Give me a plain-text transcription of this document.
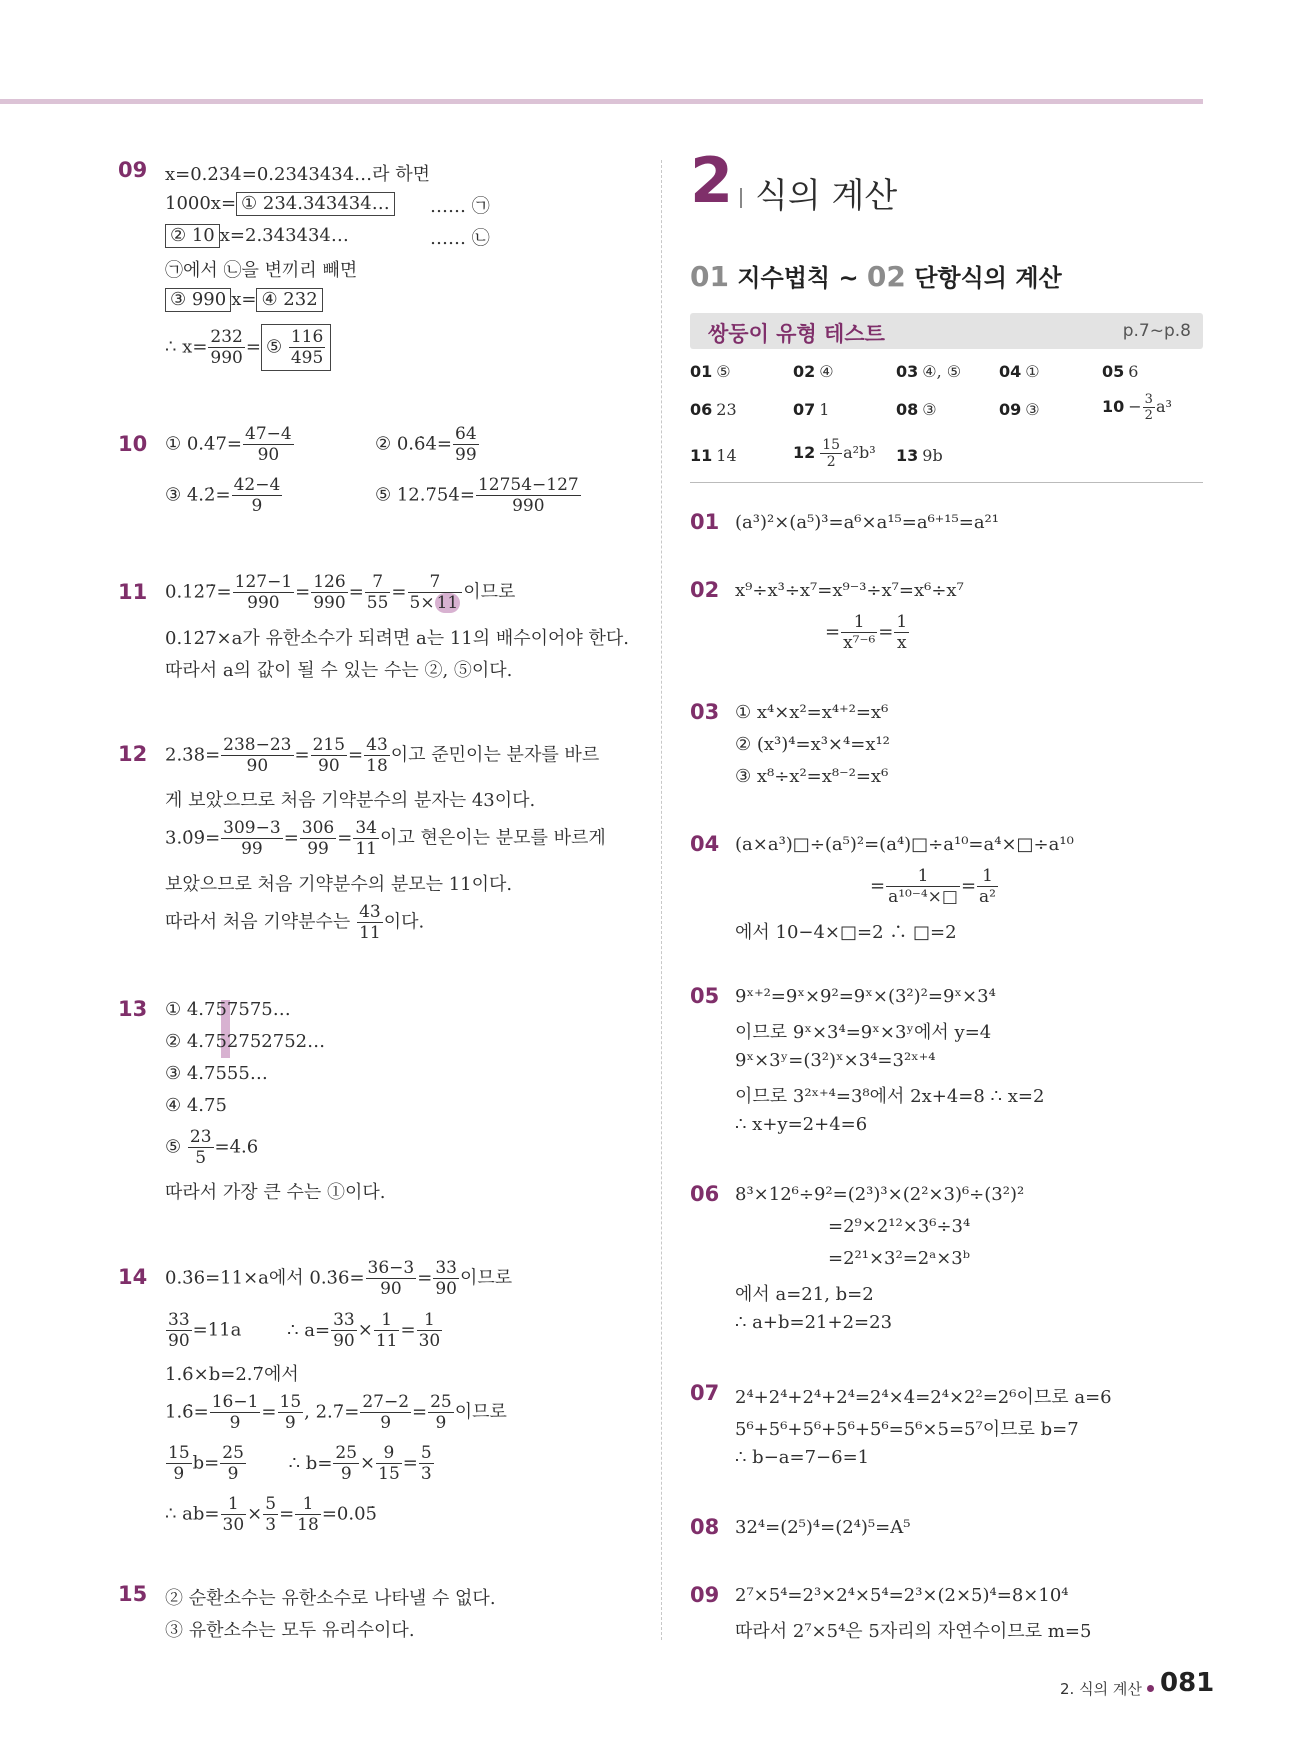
09 x=0.2̇34̇=0.2343434…라 하면
1000x= ① 234.343434… …… ㉠
② 10 x=2.343434…	…… ㉡
㉠에서 ㉡을 변끼리 빼면
③ 990 x= ④ 232
∴ $x= \frac{232}{990}$ = ⑤ $\frac{116}{495}$
10 ① 0.4̇7= $\frac{47-4}{90}$	② 0.6̇4̇= $\frac{64}{99}$
③ 4.2̇= $\frac{42-4}{9}$	⑤ 12.7̇54̇= $\frac{12754-127}{990}$
11 0.12̇7̇= $\frac{127-1}{990} = \frac{126}{990} = \frac{7}{55} = \frac{7}{5\times 11}$ 이므로
0.12̇7̇×a가 유한소수가 되려면 a는 11의 배수이어야 한다.
따라서 a의 값이 될 수 있는 수는 ②, ⑤이다.
12 2.3̇8= $\frac{238-23}{90} = \frac{215}{90} = \frac{43}{18}$ 이고 준민이는 분자를 바르
게 보았으므로 처음 기약분수의 분자는 43이다.
3.0̇9̇= $\frac{309-3}{99} = \frac{306}{99} = \frac{34}{11}$ 이고 현은이는 분모를 바르게
보았으므로 처음 기약분수의 분모는 11이다.
따라서 처음 기약분수는 $\frac{43}{11}$ 이다.
13 ① 4.757575…
② 4.752752752…
③ 4.7555…
④ 4.75
⑤ $\frac{23}{5} =4.6$
따라서 가장 큰 수는 ①이다.
14 0.3̇6=11×a에서 0.3̇6= $\frac{36-3}{90} = \frac{33}{90}$ 이므로
$\frac{33}{90} =11a$	∴ $a= \frac{33}{90} \times \frac{1}{11} = \frac{1}{30}$
1.6̇×b=2.7̇에서
1.6̇= $\frac{16-1}{9} = \frac{15}{9}$ , 2.7̇= $\frac{27-2}{9} = \frac{25}{9}$ 이므로
$\frac{15}{9} b= \frac{25}{9}$ ∴ $b= \frac{25}{9} \times \frac{9}{15} = \frac{5}{3}$
∴ $ab= \frac{1}{30} \times \frac{5}{3} = \frac{1}{18}$ =0.05̇
15 ② 순환소수는 유한소수로 나타낼 수 없다.
③ 유한소수는 모두 유리수이다.
2 식의 계산
01 지수법칙 ~ 02 단항식의 계산
쌍둥이 유형 테스트	p.7~p.8
01 ⑤	02 ④	03 ④, ⑤ 04 ①	05 6
06 23	07 1	08 ③	09 ③	$10 - \frac{3}{2} a^3$
11 14	$12 \frac{15}{2} a^2b^3$ 13 9b
01 (a³)²×(a⁵)³=a⁶×a¹⁵=a⁶⁺¹⁵=a²¹
02 x⁹÷x³÷x⁷=x⁹⁻³÷x⁷=x⁶÷x⁷
= $\frac{1}{\text{x⁷⁻⁶}} = \frac{1}{x}$
03 ① x⁴×x²=x⁴⁺²=x⁶
② (x³)⁴=x³×⁴=x¹²
③ x⁸÷x²=x⁸⁻²=x⁶
04 (a×a³)□÷(a⁵)²=(a⁴)□÷a¹⁰=a⁴×□÷a¹⁰
= $\frac{1}{\text{a¹⁰⁻⁴×□}} = \frac{1}{\text{a²}}$
에서 10−4×□=2 ∴ □=2
05 9ˣ⁺²=9ˣ×9²=9ˣ×(3²)²=9ˣ×3⁴
이므로 9ˣ×3⁴=9ˣ×3ʸ에서 y=4
9ˣ×3ʸ=(3²)ˣ×3⁴=3²ˣ⁺⁴
이므로 3²ˣ⁺⁴=3⁸에서 2x+4=8 ∴ x=2
∴ x+y=2+4=6
06 8³×12⁶÷9²=(2³)³×(2²×3)⁶÷(3²)²
=2⁹×2¹²×3⁶÷3⁴
=2²¹×3²=2ᵃ×3ᵇ
에서 a=21, b=2
∴ a+b=21+2=23
07 2⁴+2⁴+2⁴+2⁴=2⁴×4=2⁴×2²=2⁶이므로 a=6
5⁶+5⁶+5⁶+5⁶+5⁶=5⁶×5=5⁷이므로 b=7
∴ b−a=7−6=1
08 32⁴=(2⁵)⁴=(2⁴)⁵=A⁵
09 2⁷×5⁴=2³×2⁴×5⁴=2³×(2×5)⁴=8×10⁴
따라서 2⁷×5⁴은 5자리의 자연수이므로 m=5
2. 식의 계산 081
